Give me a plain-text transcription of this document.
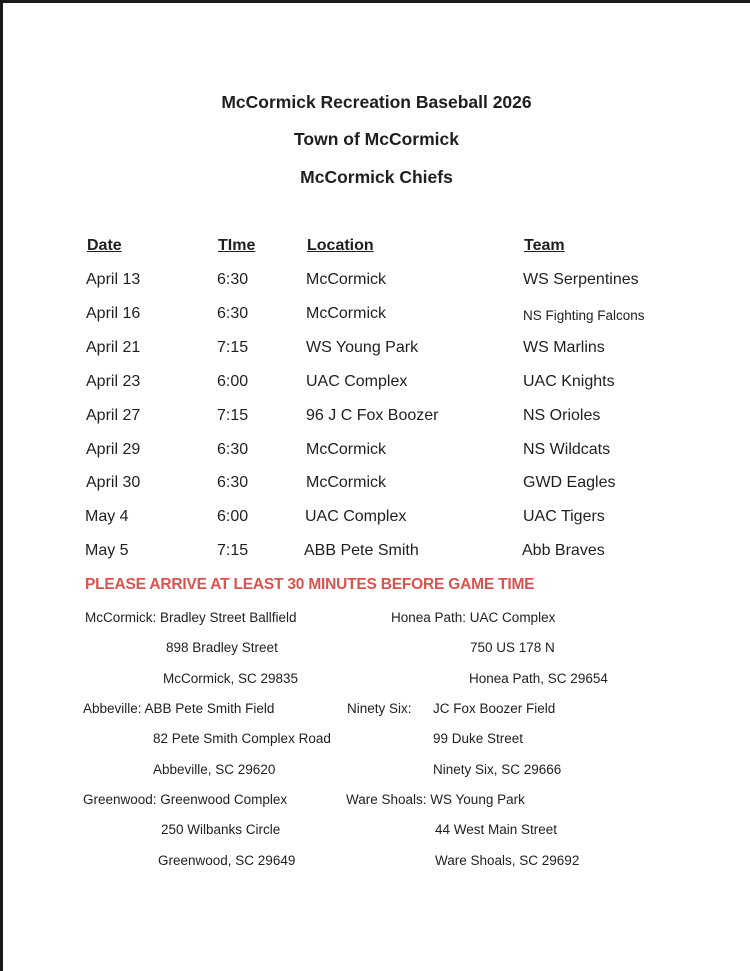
McCormick Recreation Baseball 2026
Town of McCormick
McCormick Chiefs
Date	TIme	Location	Team
April 13	6:30	McCormick	WS Serpentines
April 16	6:30	McCormick	NS Fighting Falcons
April 21	7:15	WS Young Park	WS Marlins
April 23	6:00	UAC Complex	UAC Knights
April 27	7:15	96 J C Fox Boozer	NS Orioles
April 29	6:30	McCormick	NS Wildcats
April 30	6:30	McCormick	GWD Eagles
May 4	6:00	UAC Complex	UAC Tigers
May 5	7:15	ABB Pete Smith	Abb Braves
PLEASE ARRIVE AT LEAST 30 MINUTES BEFORE GAME TIME
McCormick: Bradley Street Ballfield
898 Bradley Street
McCormick, SC 29835
Honea Path: UAC Complex
750 US 178 N
Honea Path, SC 29654
Abbeville: ABB Pete Smith Field
82 Pete Smith Complex Road
Abbeville, SC 29620
Ninety Six: JC Fox Boozer Field
99 Duke Street
Ninety Six, SC 29666
Greenwood: Greenwood Complex
250 Wilbanks Circle
Greenwood, SC 29649
Ware Shoals: WS Young Park
44 West Main Street
Ware Shoals, SC 29692
